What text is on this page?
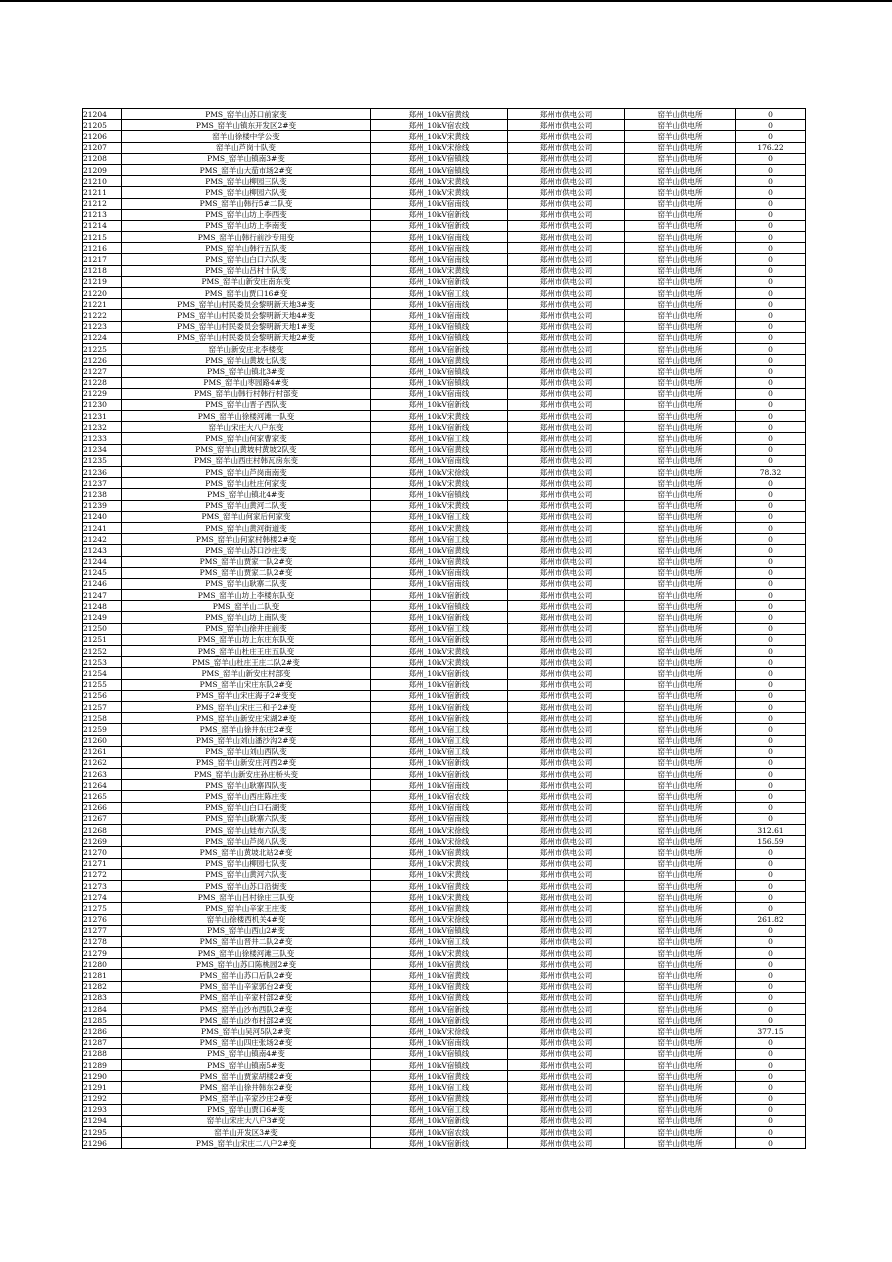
21204	PMS_窑羊山苏口前家变	郑州_10kV宿黄线	郑州市供电公司	窑羊山供电所	0
21205	PMS_窑羊山镇东开发区2#变	郑州_10kV宿农线	郑州市供电公司	窑羊山供电所	0
21206	窑羊山徐楼中学公变	郑州_10kV宋黄线	郑州市供电公司	窑羊山供电所	0
21207	窑羊山芦岗十队变	郑州_10kV宋徐线	郑州市供电公司	窑羊山供电所	176.22
21208	PMS_窑羊山镇南3#变	郑州_10kV宿镇线	郑州市供电公司	窑羊山供电所	0
21209	PMS_窑羊山大茄市场2#变	郑州_10kV宿镇线	郑州市供电公司	窑羊山供电所	0
21210	PMS_窑羊山柳园三队变	郑州_10kV宋黄线	郑州市供电公司	窑羊山供电所	0
21211	PMS_窑羊山柳园六队变	郑州_10kV宋黄线	郑州市供电公司	窑羊山供电所	0
21212	PMS_窑羊山韩行5#二队变	郑州_10kV宿南线	郑州市供电公司	窑羊山供电所	0
21213	PMS_窑羊山坊上李西变	郑州_10kV宿新线	郑州市供电公司	窑羊山供电所	0
21214	PMS_窑羊山坊上李南变	郑州_10kV宿新线	郑州市供电公司	窑羊山供电所	0
21215	PMS_窑羊山韩行前沙专用变	郑州_10kV宿南线	郑州市供电公司	窑羊山供电所	0
21216	PMS_窑羊山韩行五队变	郑州_10kV宿南线	郑州市供电公司	窑羊山供电所	0
21217	PMS_窑羊山白口六队变	郑州_10kV宿南线	郑州市供电公司	窑羊山供电所	0
21218	PMS_窑羊山吕村十队变	郑州_10kV宋黄线	郑州市供电公司	窑羊山供电所	0
21219	PMS_窑羊山新安庄南东变	郑州_10kV宿新线	郑州市供电公司	窑羊山供电所	0
21220	PMS_窑羊山贾口16#变	郑州_10kV宿工线	郑州市供电公司	窑羊山供电所	0
21221	PMS_窑羊山村民委员会黎明新天地3#变	郑州_10kV宿南线	郑州市供电公司	窑羊山供电所	0
21222	PMS_窑羊山村民委员会黎明新天地4#变	郑州_10kV宿南线	郑州市供电公司	窑羊山供电所	0
21223	PMS_窑羊山村民委员会黎明新天地1#变	郑州_10kV宿镇线	郑州市供电公司	窑羊山供电所	0
21224	PMS_窑羊山村民委员会黎明新天地2#变	郑州_10kV宿镇线	郑州市供电公司	窑羊山供电所	0
21225	窑羊山新安庄北李楼变	郑州_10kV宿新线	郑州市供电公司	窑羊山供电所	0
21226	PMS_窑羊山黄坡七队变	郑州_10kV宿黄线	郑州市供电公司	窑羊山供电所	0
21227	PMS_窑羊山镇北3#变	郑州_10kV宿镇线	郑州市供电公司	窑羊山供电所	0
21228	PMS_窑羊山枣园路4#变	郑州_10kV宿镇线	郑州市供电公司	窑羊山供电所	0
21229	PMS_窑羊山韩行村韩行村部变	郑州_10kV宿南线	郑州市供电公司	窑羊山供电所	0
21230	PMS_窑羊山晋子西队变	郑州_10kV宿新线	郑州市供电公司	窑羊山供电所	0
21231	PMS_窑羊山徐楼河滩一队变	郑州_10kV宋黄线	郑州市供电公司	窑羊山供电所	0
21232	窑羊山宋庄大八户东变	郑州_10kV宿新线	郑州市供电公司	窑羊山供电所	0
21233	PMS_窑羊山何家曹家变	郑州_10kV宿工线	郑州市供电公司	窑羊山供电所	0
21234	PMS_窑羊山黄坡村黄坡2队变	郑州_10kV宿黄线	郑州市供电公司	窑羊山供电所	0
21235	PMS_窑羊山西庄村韩瓦房东变	郑州_10kV宿南线	郑州市供电公司	窑羊山供电所	0
21236	PMS_窑羊山芦岗南南变	郑州_10kV宋徐线	郑州市供电公司	窑羊山供电所	78.32
21237	PMS_窑羊山杜庄何家变	郑州_10kV宋黄线	郑州市供电公司	窑羊山供电所	0
21238	PMS_窑羊山镇北4#变	郑州_10kV宿镇线	郑州市供电公司	窑羊山供电所	0
21239	PMS_窑羊山黄河二队变	郑州_10kV宋黄线	郑州市供电公司	窑羊山供电所	0
21240	PMS_窑羊山何家后何家变	郑州_10kV宿工线	郑州市供电公司	窑羊山供电所	0
21241	PMS_窑羊山黄河街道变	郑州_10kV宋黄线	郑州市供电公司	窑羊山供电所	0
21242	PMS_窑羊山何家村韩楼2#变	郑州_10kV宿工线	郑州市供电公司	窑羊山供电所	0
21243	PMS_窑羊山苏口沙庄变	郑州_10kV宿黄线	郑州市供电公司	窑羊山供电所	0
21244	PMS_窑羊山贾家一队2#变	郑州_10kV宿黄线	郑州市供电公司	窑羊山供电所	0
21245	PMS_窑羊山贾家二队2#变	郑州_10kV宿南线	郑州市供电公司	窑羊山供电所	0
21246	PMS_窑羊山耿寨二队变	郑州_10kV宿南线	郑州市供电公司	窑羊山供电所	0
21247	PMS_窑羊山坊上李楼东队变	郑州_10kV宿新线	郑州市供电公司	窑羊山供电所	0
21248	PMS_窑羊山二队变	郑州_10kV宿镇线	郑州市供电公司	窑羊山供电所	0
21249	PMS_窑羊山坊上南队变	郑州_10kV宿新线	郑州市供电公司	窑羊山供电所	0
21250	PMS_窑羊山徐井庄前变	郑州_10kV宿工线	郑州市供电公司	窑羊山供电所	0
21251	PMS_窑羊山坊上东庄东队变	郑州_10kV宿新线	郑州市供电公司	窑羊山供电所	0
21252	PMS_窑羊山杜庄王庄五队变	郑州_10kV宋黄线	郑州市供电公司	窑羊山供电所	0
21253	PMS_窑羊山杜庄王庄二队2#变	郑州_10kV宋黄线	郑州市供电公司	窑羊山供电所	0
21254	PMS_窑羊山新安庄村部变	郑州_10kV宿新线	郑州市供电公司	窑羊山供电所	0
21255	PMS_窑羊山宋庄东队2#变	郑州_10kV宿新线	郑州市供电公司	窑羊山供电所	0
21256	PMS_窑羊山宋庄海子2#变变	郑州_10kV宿新线	郑州市供电公司	窑羊山供电所	0
21257	PMS_窑羊山宋庄三和子2#变	郑州_10kV宿新线	郑州市供电公司	窑羊山供电所	0
21258	PMS_窑羊山新安庄宋湖2#变	郑州_10kV宿新线	郑州市供电公司	窑羊山供电所	0
21259	PMS_窑羊山徐井东庄2#变	郑州_10kV宿工线	郑州市供电公司	窑羊山供电所	0
21260	PMS_窑羊山刘山潘沙沟2#变	郑州_10kV宿工线	郑州市供电公司	窑羊山供电所	0
21261	PMS_窑羊山刘山西队变	郑州_10kV宿工线	郑州市供电公司	窑羊山供电所	0
21262	PMS_窑羊山新安庄河西2#变	郑州_10kV宿新线	郑州市供电公司	窑羊山供电所	0
21263	PMS_窑羊山新安庄孙庄桥头变	郑州_10kV宿新线	郑州市供电公司	窑羊山供电所	0
21264	PMS_窑羊山耿寨四队变	郑州_10kV宿南线	郑州市供电公司	窑羊山供电所	0
21265	PMS_窑羊山西庄陈庄变	郑州_10kV宿农线	郑州市供电公司	窑羊山供电所	0
21266	PMS_窑羊山白口石湖变	郑州_10kV宿南线	郑州市供电公司	窑羊山供电所	0
21267	PMS_窑羊山耿寨六队变	郑州_10kV宿南线	郑州市供电公司	窑羊山供电所	0
21268	PMS_窑羊山娃布六队变	郑州_10kV宋徐线	郑州市供电公司	窑羊山供电所	312.61
21269	PMS_窑羊山芦岗八队变	郑州_10kV宋徐线	郑州市供电公司	窑羊山供电所	156.59
21270	PMS_窑羊山黄坡北站2#变	郑州_10kV宿黄线	郑州市供电公司	窑羊山供电所	0
21271	PMS_窑羊山柳园七队变	郑州_10kV宋黄线	郑州市供电公司	窑羊山供电所	0
21272	PMS_窑羊山黄河六队变	郑州_10kV宋黄线	郑州市供电公司	窑羊山供电所	0
21273	PMS_窑羊山苏口沿街变	郑州_10kV宿黄线	郑州市供电公司	窑羊山供电所	0
21274	PMS_窑羊山吕村徐庄三队变	郑州_10kV宋黄线	郑州市供电公司	窑羊山供电所	0
21275	PMS_窑羊山辛家王庄变	郑州_10kV宿黄线	郑州市供电公司	窑羊山供电所	0
21276	窑羊山徐楼西机关4#变	郑州_10kV宋徐线	郑州市供电公司	窑羊山供电所	261.82
21277	PMS_窑羊山西山2#变	郑州_10kV宿镇线	郑州市供电公司	窑羊山供电所	0
21278	PMS_窑羊山晋井二队2#变	郑州_10kV宿工线	郑州市供电公司	窑羊山供电所	0
21279	PMS_窑羊山徐楼河滩三队变	郑州_10kV宋黄线	郑州市供电公司	窑羊山供电所	0
21280	PMS_窑羊山苏口陈桃园2#变	郑州_10kV宿黄线	郑州市供电公司	窑羊山供电所	0
21281	PMS_窑羊山苏口后队2#变	郑州_10kV宿黄线	郑州市供电公司	窑羊山供电所	0
21282	PMS_窑羊山辛家郭台2#变	郑州_10kV宿黄线	郑州市供电公司	窑羊山供电所	0
21283	PMS_窑羊山辛家村部2#变	郑州_10kV宿黄线	郑州市供电公司	窑羊山供电所	0
21284	PMS_窑羊山沙布西队2#变	郑州_10kV宿新线	郑州市供电公司	窑羊山供电所	0
21285	PMS_窑羊山沙布村部2#变	郑州_10kV宿新线	郑州市供电公司	窑羊山供电所	0
21286	PMS_窑羊山吴河5队2#变	郑州_10kV宋徐线	郑州市供电公司	窑羊山供电所	377.15
21287	PMS_窑羊山四庄张场2#变	郑州_10kV宿南线	郑州市供电公司	窑羊山供电所	0
21288	PMS_窑羊山镇南4#变	郑州_10kV宿镇线	郑州市供电公司	窑羊山供电所	0
21289	PMS_窑羊山镇南5#变	郑州_10kV宿镇线	郑州市供电公司	窑羊山供电所	0
21290	PMS_窑羊山贾家胡楼2#变	郑州_10kV宿黄线	郑州市供电公司	窑羊山供电所	0
21291	PMS_窑羊山徐井韩东2#变	郑州_10kV宿工线	郑州市供电公司	窑羊山供电所	0
21292	PMS_窑羊山辛家沙庄2#变	郑州_10kV宿黄线	郑州市供电公司	窑羊山供电所	0
21293	PMS_窑羊山贾口6#变	郑州_10kV宿工线	郑州市供电公司	窑羊山供电所	0
21294	窑羊山宋庄大八户3#变	郑州_10kV宿新线	郑州市供电公司	窑羊山供电所	0
21295	窑羊山开发区3#变	郑州_10kV宿农线	郑州市供电公司	窑羊山供电所	0
21296	PMS_窑羊山宋庄二八户2#变	郑州_10kV宿新线	郑州市供电公司	窑羊山供电所	0
